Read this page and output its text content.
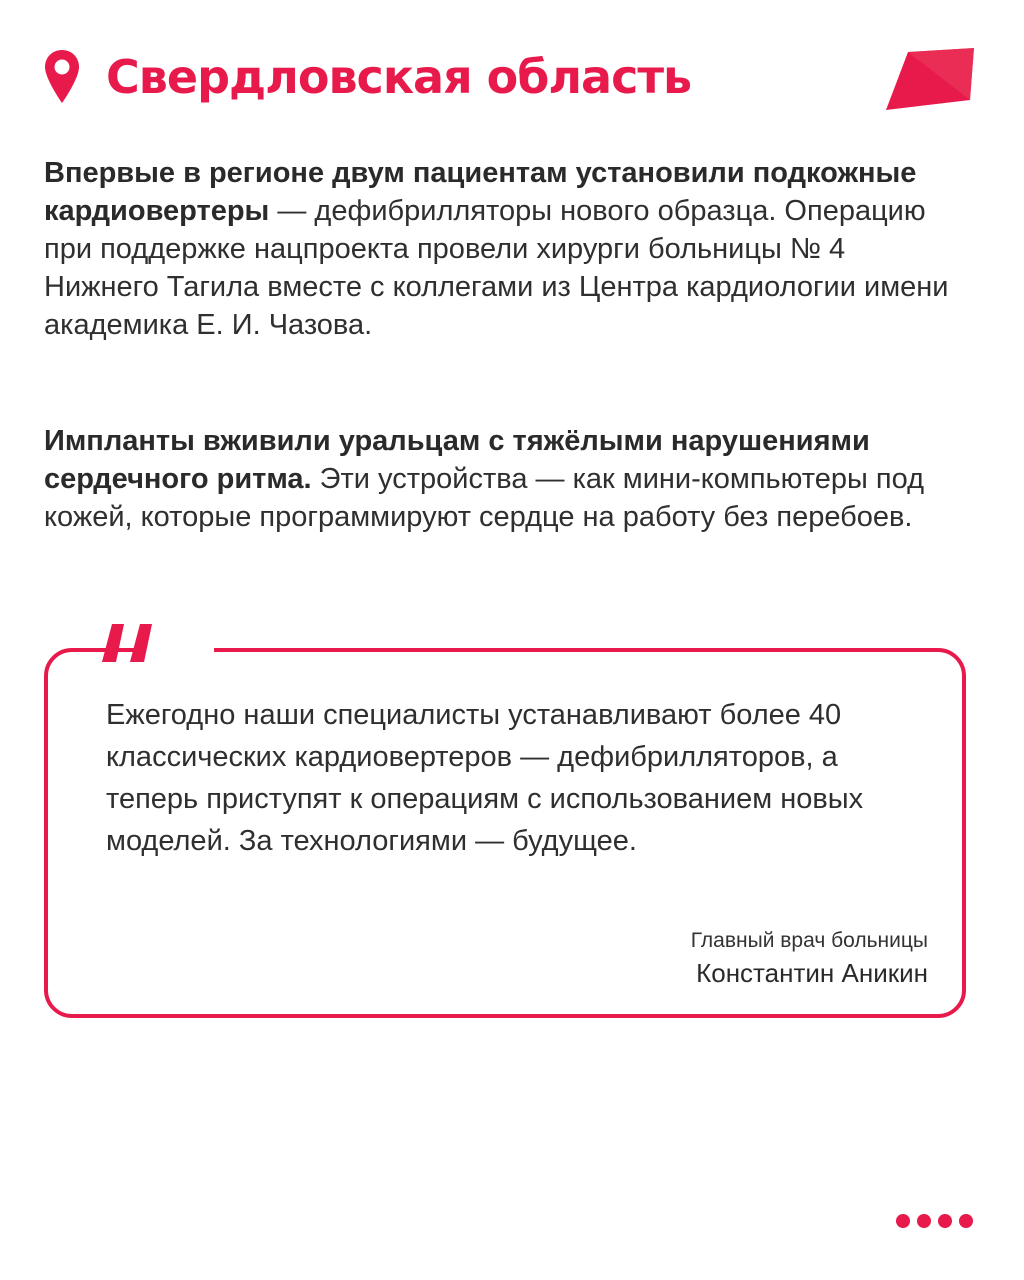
Свердловская область

Впервые в регионе двум пациентам установили подкожные кардиовертеры — дефибрилляторы нового образца. Операцию при поддержке нацпроекта провели хирурги больницы № 4 Нижнего Тагила вместе с коллегами из Центра кардиологии имени академика Е. И. Чазова.

Импланты вживили уральцам с тяжёлыми нарушениями сердечного ритма. Эти устройства — как мини-компьютеры под кожей, которые программируют сердце на работу без перебоев.

Ежегодно наши специалисты устанавливают более 40 классических кардиовертеров — дефибрилляторов, а теперь приступят к операциям с использованием новых моделей. За технологиями — будущее.

Главный врач больницы
Константин Аникин
